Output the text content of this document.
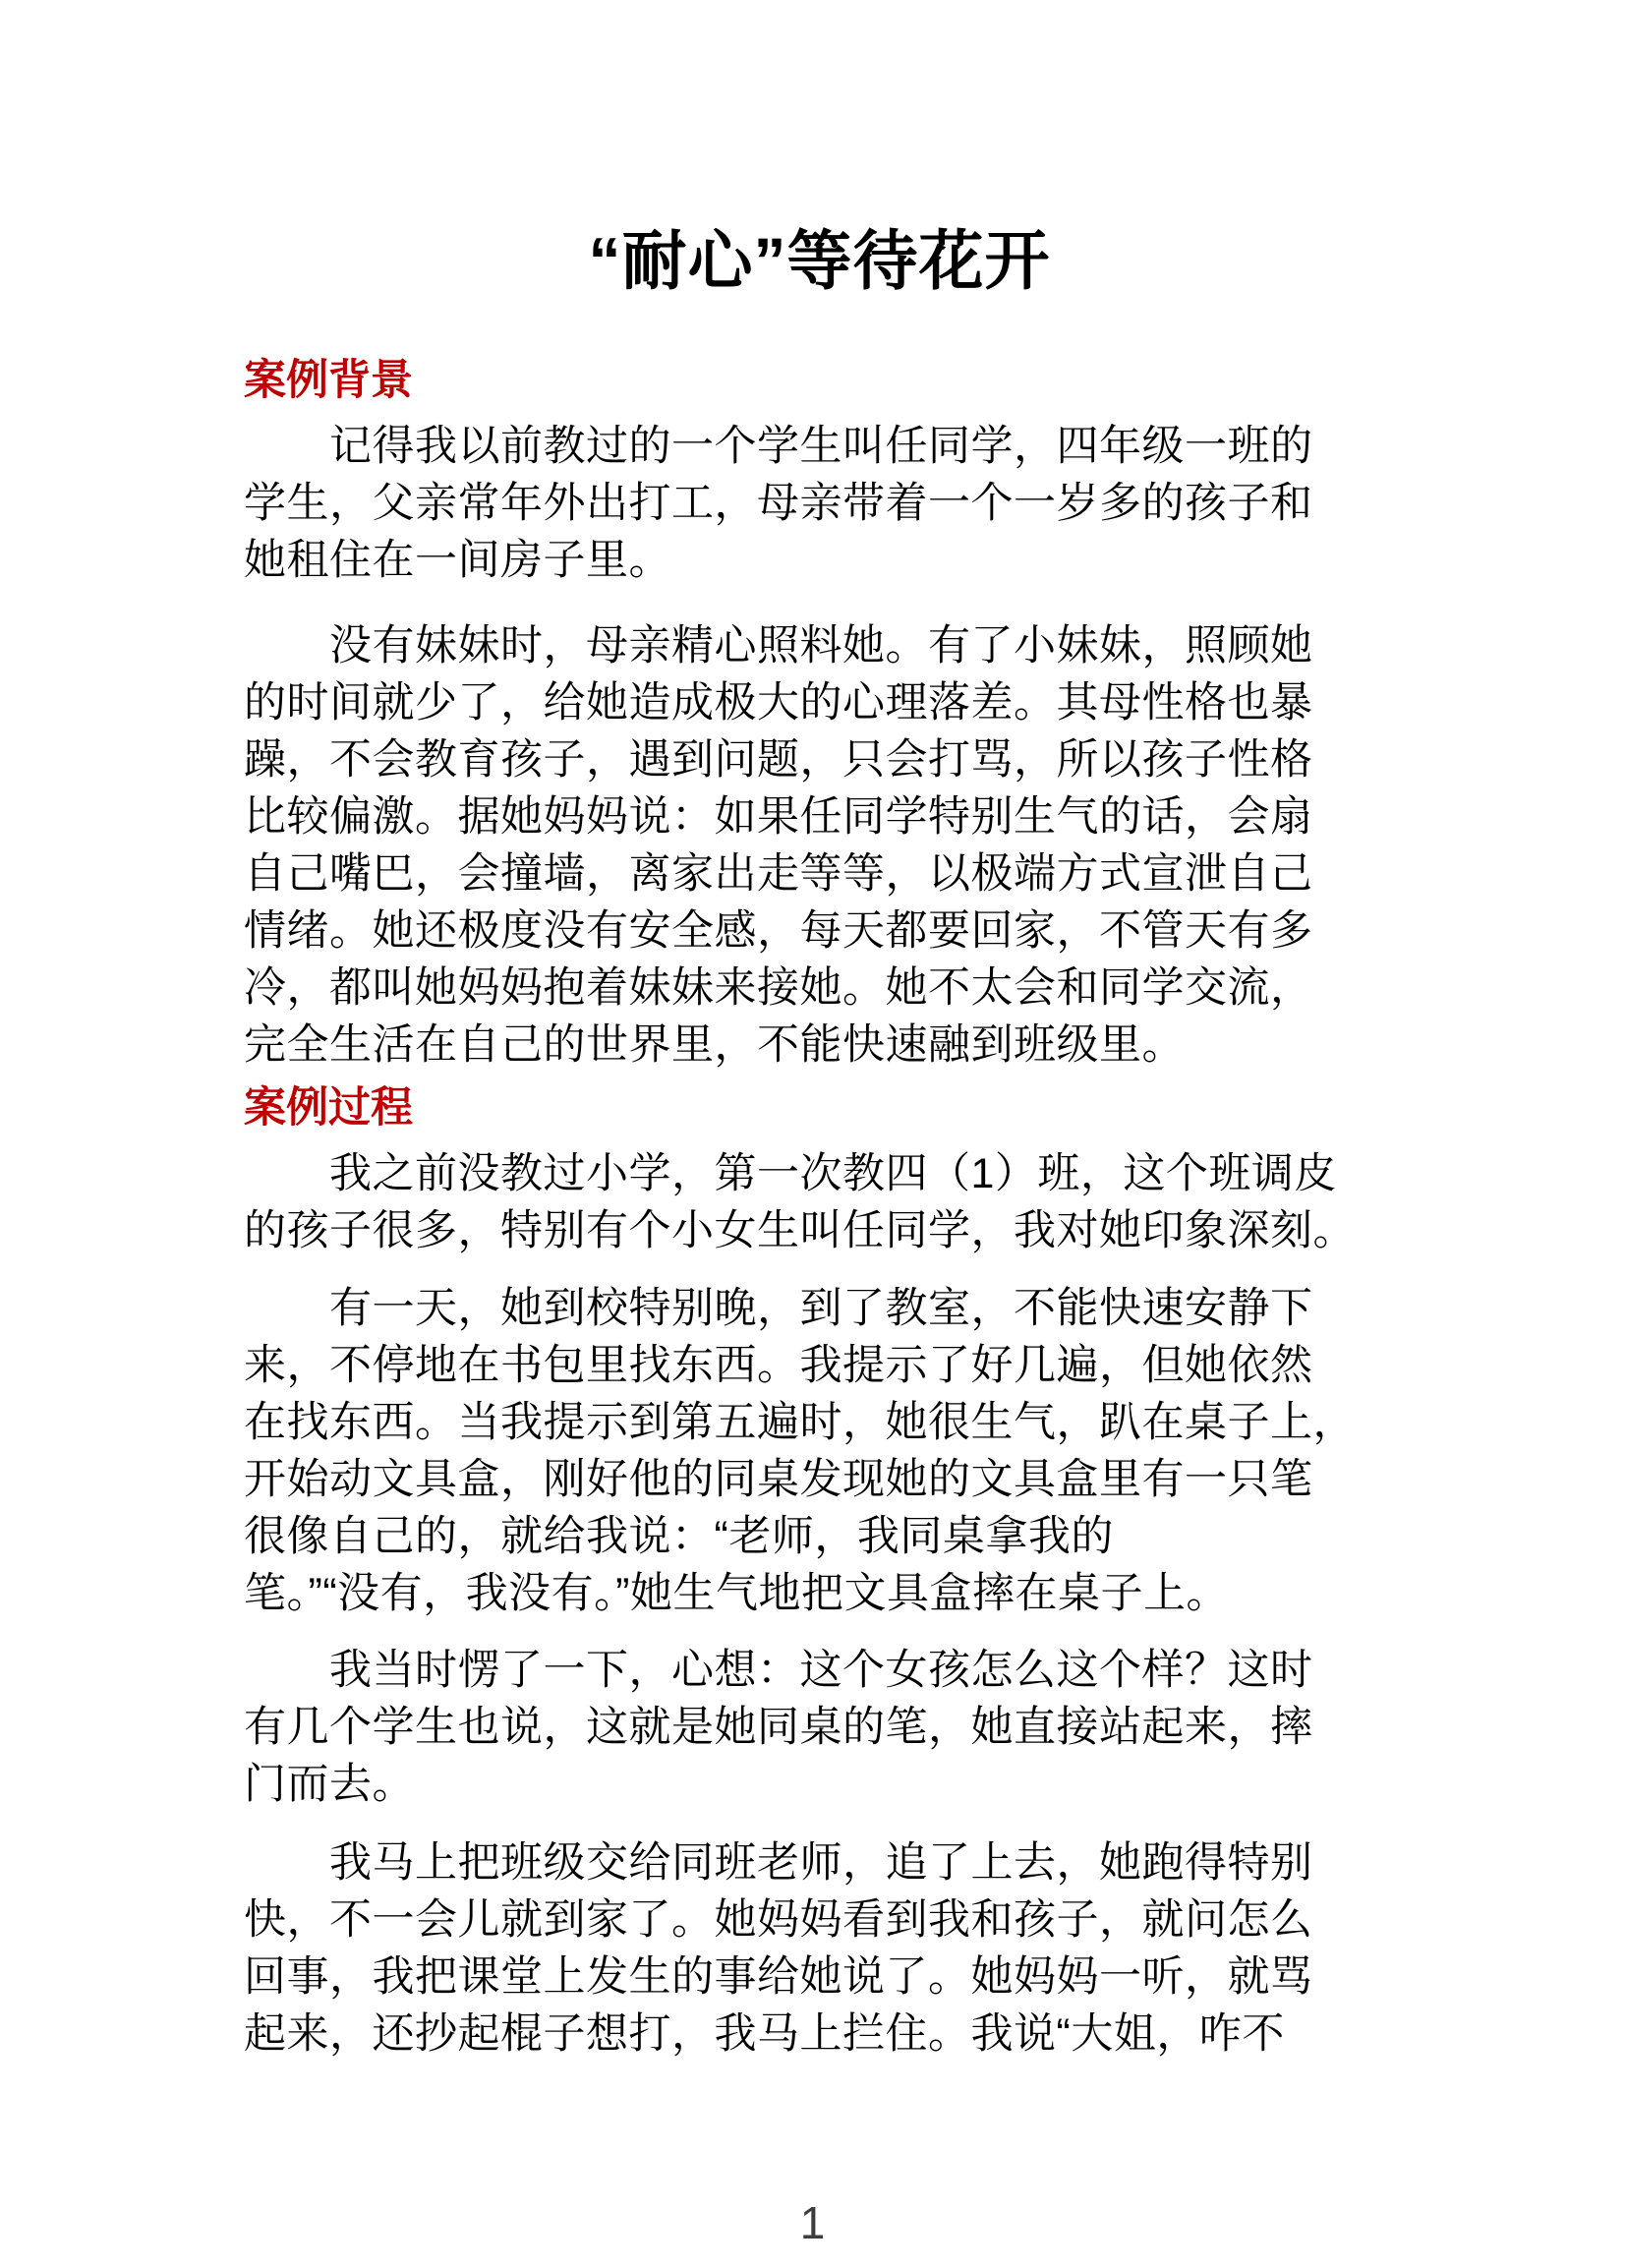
“耐心”等待花开
案例背景

　　记得我以前教过的一个学生叫任同学，四年级一班的
学生，父亲常年外出打工，母亲带着一个一岁多的孩子和
她租住在一间房子里。

　　没有妹妹时，母亲精心照料她。有了小妹妹，照顾她
的时间就少了，给她造成极大的心理落差。其母性格也暴
躁，不会教育孩子，遇到问题，只会打骂，所以孩子性格
比较偏激。据她妈妈说：如果任同学特别生气的话，会扇
自己嘴巴，会撞墙，离家出走等等，以极端方式宣泄自己
情绪。她还极度没有安全感，每天都要回家，不管天有多
冷，都叫她妈妈抱着妹妹来接她。她不太会和同学交流，
完全生活在自己的世界里，不能快速融到班级里。

案例过程

　　我之前没教过小学，第一次教四（1）班，这个班调皮
的孩子很多，特别有个小女生叫任同学，我对她印象深刻。

　　有一天，她到校特别晚，到了教室，不能快速安静下
来，不停地在书包里找东西。我提示了好几遍，但她依然
在找东西。当我提示到第五遍时，她很生气，趴在桌子上，
开始动文具盒，刚好他的同桌发现她的文具盒里有一只笔
很像自己的，就给我说：“老师，我同桌拿我的
笔。”“没有，我没有。”她生气地把文具盒摔在桌子上。

　　我当时愣了一下，心想：这个女孩怎么这个样？这时
有几个学生也说，这就是她同桌的笔，她直接站起来，摔
门而去。

　　我马上把班级交给同班老师，追了上去，她跑得特别
快，不一会儿就到家了。她妈妈看到我和孩子，就问怎么
回事，我把课堂上发生的事给她说了。她妈妈一听，就骂
起来，还抄起棍子想打，我马上拦住。我说“大姐，咋不

1
